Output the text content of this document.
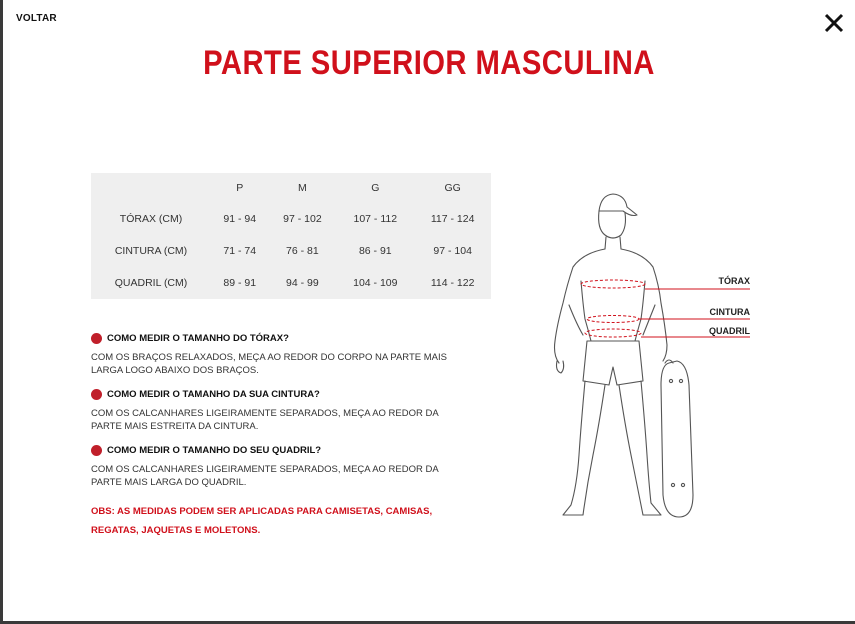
VOLTAR
PARTE SUPERIOR MASCULINA
	P	M	G	GG
TÓRAX (CM)	91 - 94	97 - 102	107 - 112	117 - 124
CINTURA (CM)	71 - 74	76 - 81	86 - 91	97 - 104
QUADRIL (CM)	89 - 91	94 - 99	104 - 109	114 - 122
COMO MEDIR O TAMANHO DO TÓRAX?
COM OS BRAÇOS RELAXADOS, MEÇA AO REDOR DO CORPO NA PARTE MAIS LARGA LOGO ABAIXO DOS BRAÇOS.
COMO MEDIR O TAMANHO DA SUA CINTURA?
COM OS CALCANHARES LIGEIRAMENTE SEPARADOS, MEÇA AO REDOR DA PARTE MAIS ESTREITA DA CINTURA.
COMO MEDIR O TAMANHO DO SEU QUADRIL?
COM OS CALCANHARES LIGEIRAMENTE SEPARADOS, MEÇA AO REDOR DA PARTE MAIS LARGA DO QUADRIL.
OBS: AS MEDIDAS PODEM SER APLICADAS PARA CAMISETAS, CAMISAS, REGATAS, JAQUETAS E MOLETONS.
TÓRAX
CINTURA
QUADRIL
